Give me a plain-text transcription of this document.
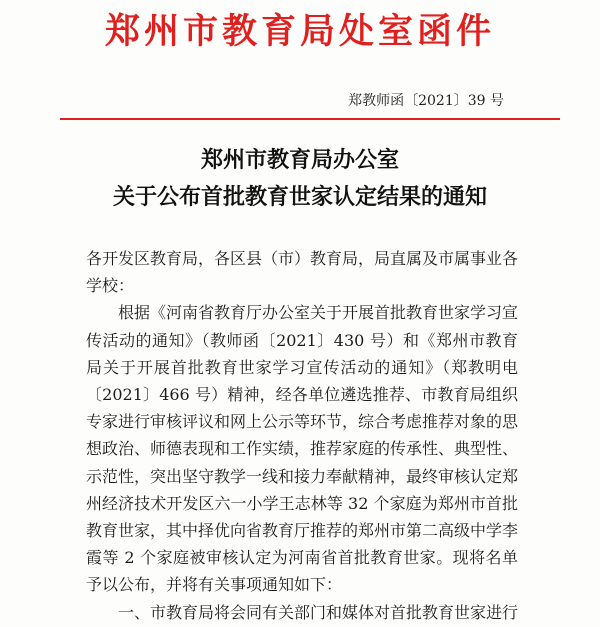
郑州市教育局处室函件
郑教师函〔2021〕39 号
郑州市教育局办公室
关于公布首批教育世家认定结果的通知

各开发区教育局，各区县（市）教育局，局直属及市属事业各学校：

根据《河南省教育厅办公室关于开展首批教育世家学习宣传活动的通知》（教师函〔2021〕430 号）和《郑州市教育局关于开展首批教育世家学习宣传活动的通知》（郑教明电〔2021〕466 号）精神，经各单位遴选推荐、市教育局组织专家进行审核评议和网上公示等环节，综合考虑推荐对象的思想政治、师德表现和工作实绩，推荐家庭的传承性、典型性、示范性，突出坚守教学一线和接力奉献精神，最终审核认定郑州经济技术开发区六一小学王志林等 32 个家庭为郑州市首批教育世家，其中择优向省教育厅推荐的郑州市第二高级中学李霞等 2 个家庭被审核认定为河南省首批教育世家。现将名单予以公布，并将有关事项通知如下：

一、市教育局将会同有关部门和媒体对首批教育世家进行
